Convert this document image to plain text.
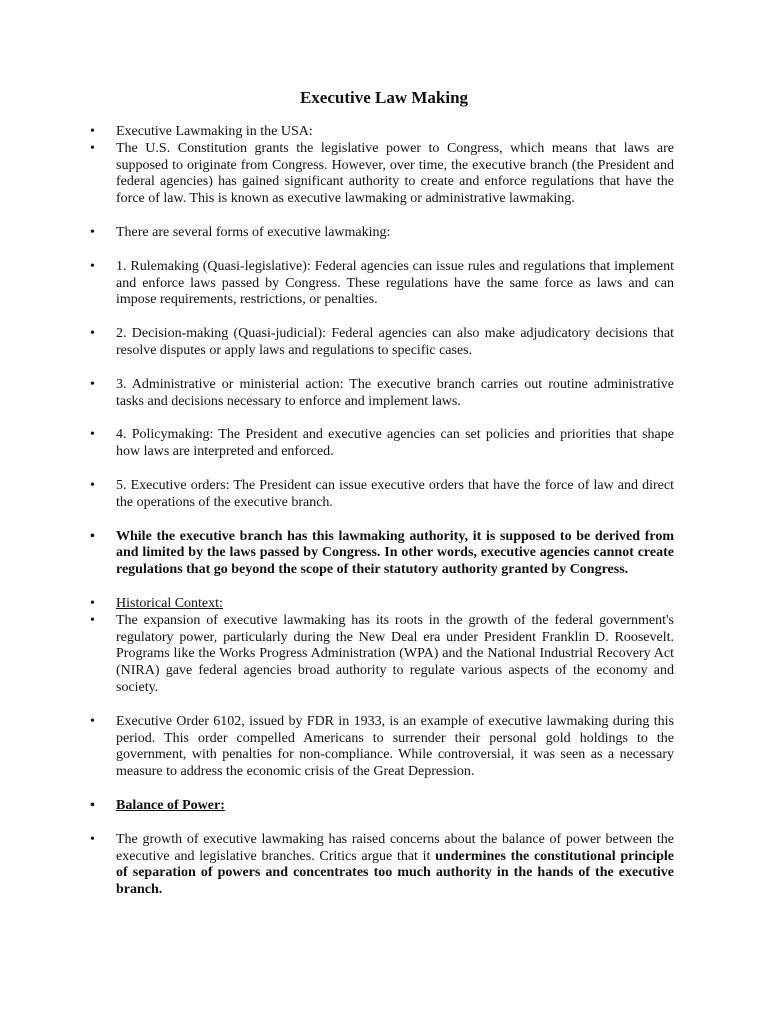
Executive Law Making
• Executive Lawmaking in the USA:
• The U.S. Constitution grants the legislative power to Congress, which means that laws are supposed to originate from Congress. However, over time, the executive branch (the President and federal agencies) has gained significant authority to create and enforce regulations that have the force of law. This is known as executive lawmaking or administrative lawmaking.
• There are several forms of executive lawmaking:
• 1. Rulemaking (Quasi-legislative): Federal agencies can issue rules and regulations that implement and enforce laws passed by Congress. These regulations have the same force as laws and can impose requirements, restrictions, or penalties.
• 2. Decision-making (Quasi-judicial): Federal agencies can also make adjudicatory decisions that resolve disputes or apply laws and regulations to specific cases.
• 3. Administrative or ministerial action: The executive branch carries out routine administrative tasks and decisions necessary to enforce and implement laws.
• 4. Policymaking: The President and executive agencies can set policies and priorities that shape how laws are interpreted and enforced.
• 5. Executive orders: The President can issue executive orders that have the force of law and direct the operations of the executive branch.
• While the executive branch has this lawmaking authority, it is supposed to be derived from and limited by the laws passed by Congress. In other words, executive agencies cannot create regulations that go beyond the scope of their statutory authority granted by Congress.
• Historical Context:
• The expansion of executive lawmaking has its roots in the growth of the federal government's regulatory power, particularly during the New Deal era under President Franklin D. Roosevelt. Programs like the Works Progress Administration (WPA) and the National Industrial Recovery Act (NIRA) gave federal agencies broad authority to regulate various aspects of the economy and society.
• Executive Order 6102, issued by FDR in 1933, is an example of executive lawmaking during this period. This order compelled Americans to surrender their personal gold holdings to the government, with penalties for non-compliance. While controversial, it was seen as a necessary measure to address the economic crisis of the Great Depression.
• Balance of Power:
• The growth of executive lawmaking has raised concerns about the balance of power between the executive and legislative branches. Critics argue that it undermines the constitutional principle of separation of powers and concentrates too much authority in the hands of the executive branch.
